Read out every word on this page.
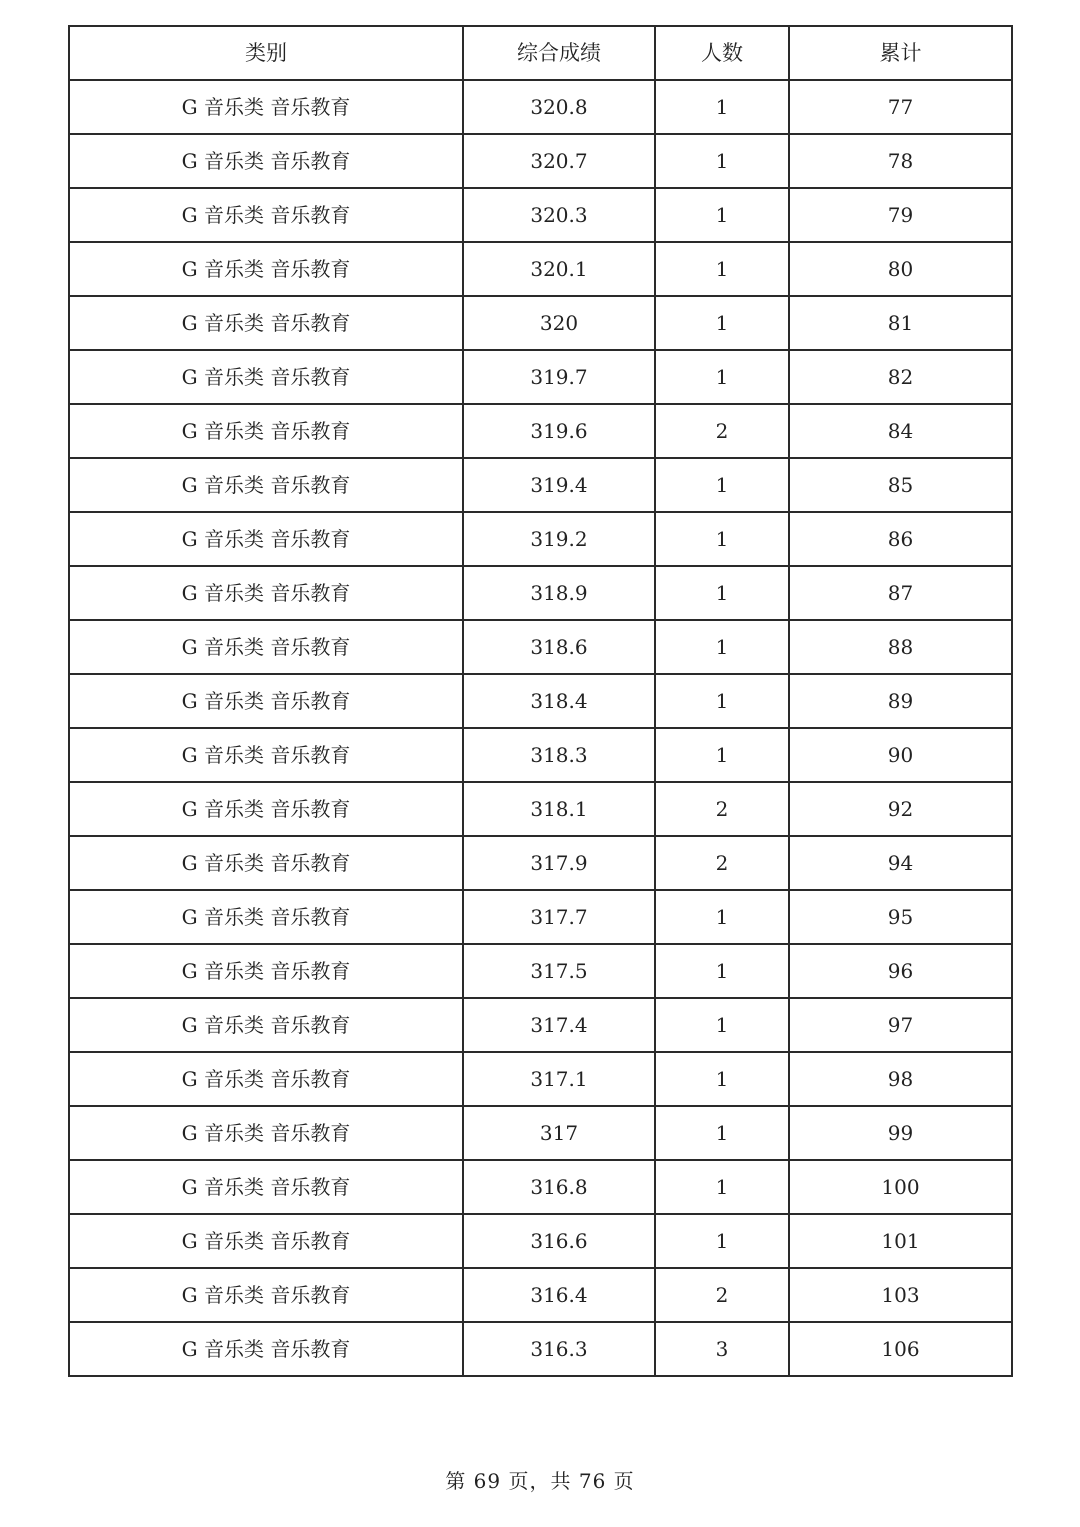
类别	综合成绩	人数	累计
G 音乐类 音乐教育	320.8	1	77
G 音乐类 音乐教育	320.7	1	78
G 音乐类 音乐教育	320.3	1	79
G 音乐类 音乐教育	320.1	1	80
G 音乐类 音乐教育	320	1	81
G 音乐类 音乐教育	319.7	1	82
G 音乐类 音乐教育	319.6	2	84
G 音乐类 音乐教育	319.4	1	85
G 音乐类 音乐教育	319.2	1	86
G 音乐类 音乐教育	318.9	1	87
G 音乐类 音乐教育	318.6	1	88
G 音乐类 音乐教育	318.4	1	89
G 音乐类 音乐教育	318.3	1	90
G 音乐类 音乐教育	318.1	2	92
G 音乐类 音乐教育	317.9	2	94
G 音乐类 音乐教育	317.7	1	95
G 音乐类 音乐教育	317.5	1	96
G 音乐类 音乐教育	317.4	1	97
G 音乐类 音乐教育	317.1	1	98
G 音乐类 音乐教育	317	1	99
G 音乐类 音乐教育	316.8	1	100
G 音乐类 音乐教育	316.6	1	101
G 音乐类 音乐教育	316.4	2	103
G 音乐类 音乐教育	316.3	3	106
第 69 页，共 76 页
